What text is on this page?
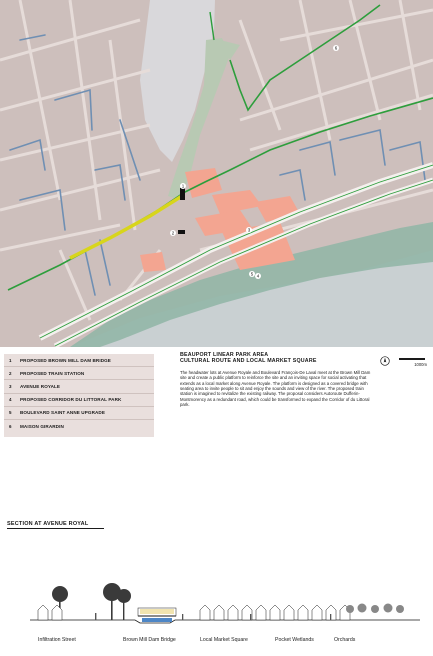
1
2
3
4
5
6
1	PROPOSED BROWN MILL DAM BRIDGE
2	PROPOSED TRAIN STATION
3	AVENUE ROYALE
4	PROPOSED CORRIDOR DU LITTORAL PARK
5	BOULEVARD SAINT ANNE UPGRADE
6	MAISON GIRARDIN
BEAUPORT LINEAR PARK AREA
CULTURAL ROUTE AND LOCAL MARKET SQUARE

The headwater lots at Avenue Royale and Boulevard François-De Laval meet at the Brown Mill Dam site and create a public platform to reinforce the site and an inviting space for social activating that extends as a local market along Avenue Royale. The platform is designed as a covered bridge with seating area to invite people to sit and enjoy the sounds and view of the river. The proposed train station is imagined to revitalize the existing railway. The proposal considers Autoroute Dufferin-Montmorency as a redundant road, which could be transformed to expand the Corridor of du Littoral park.

1000m
SECTION AT AVENUE ROYAL
Infiltration Street	Brown Mill Dam Bridge	Local Market Square	Pocket Wetlands	Orchards
